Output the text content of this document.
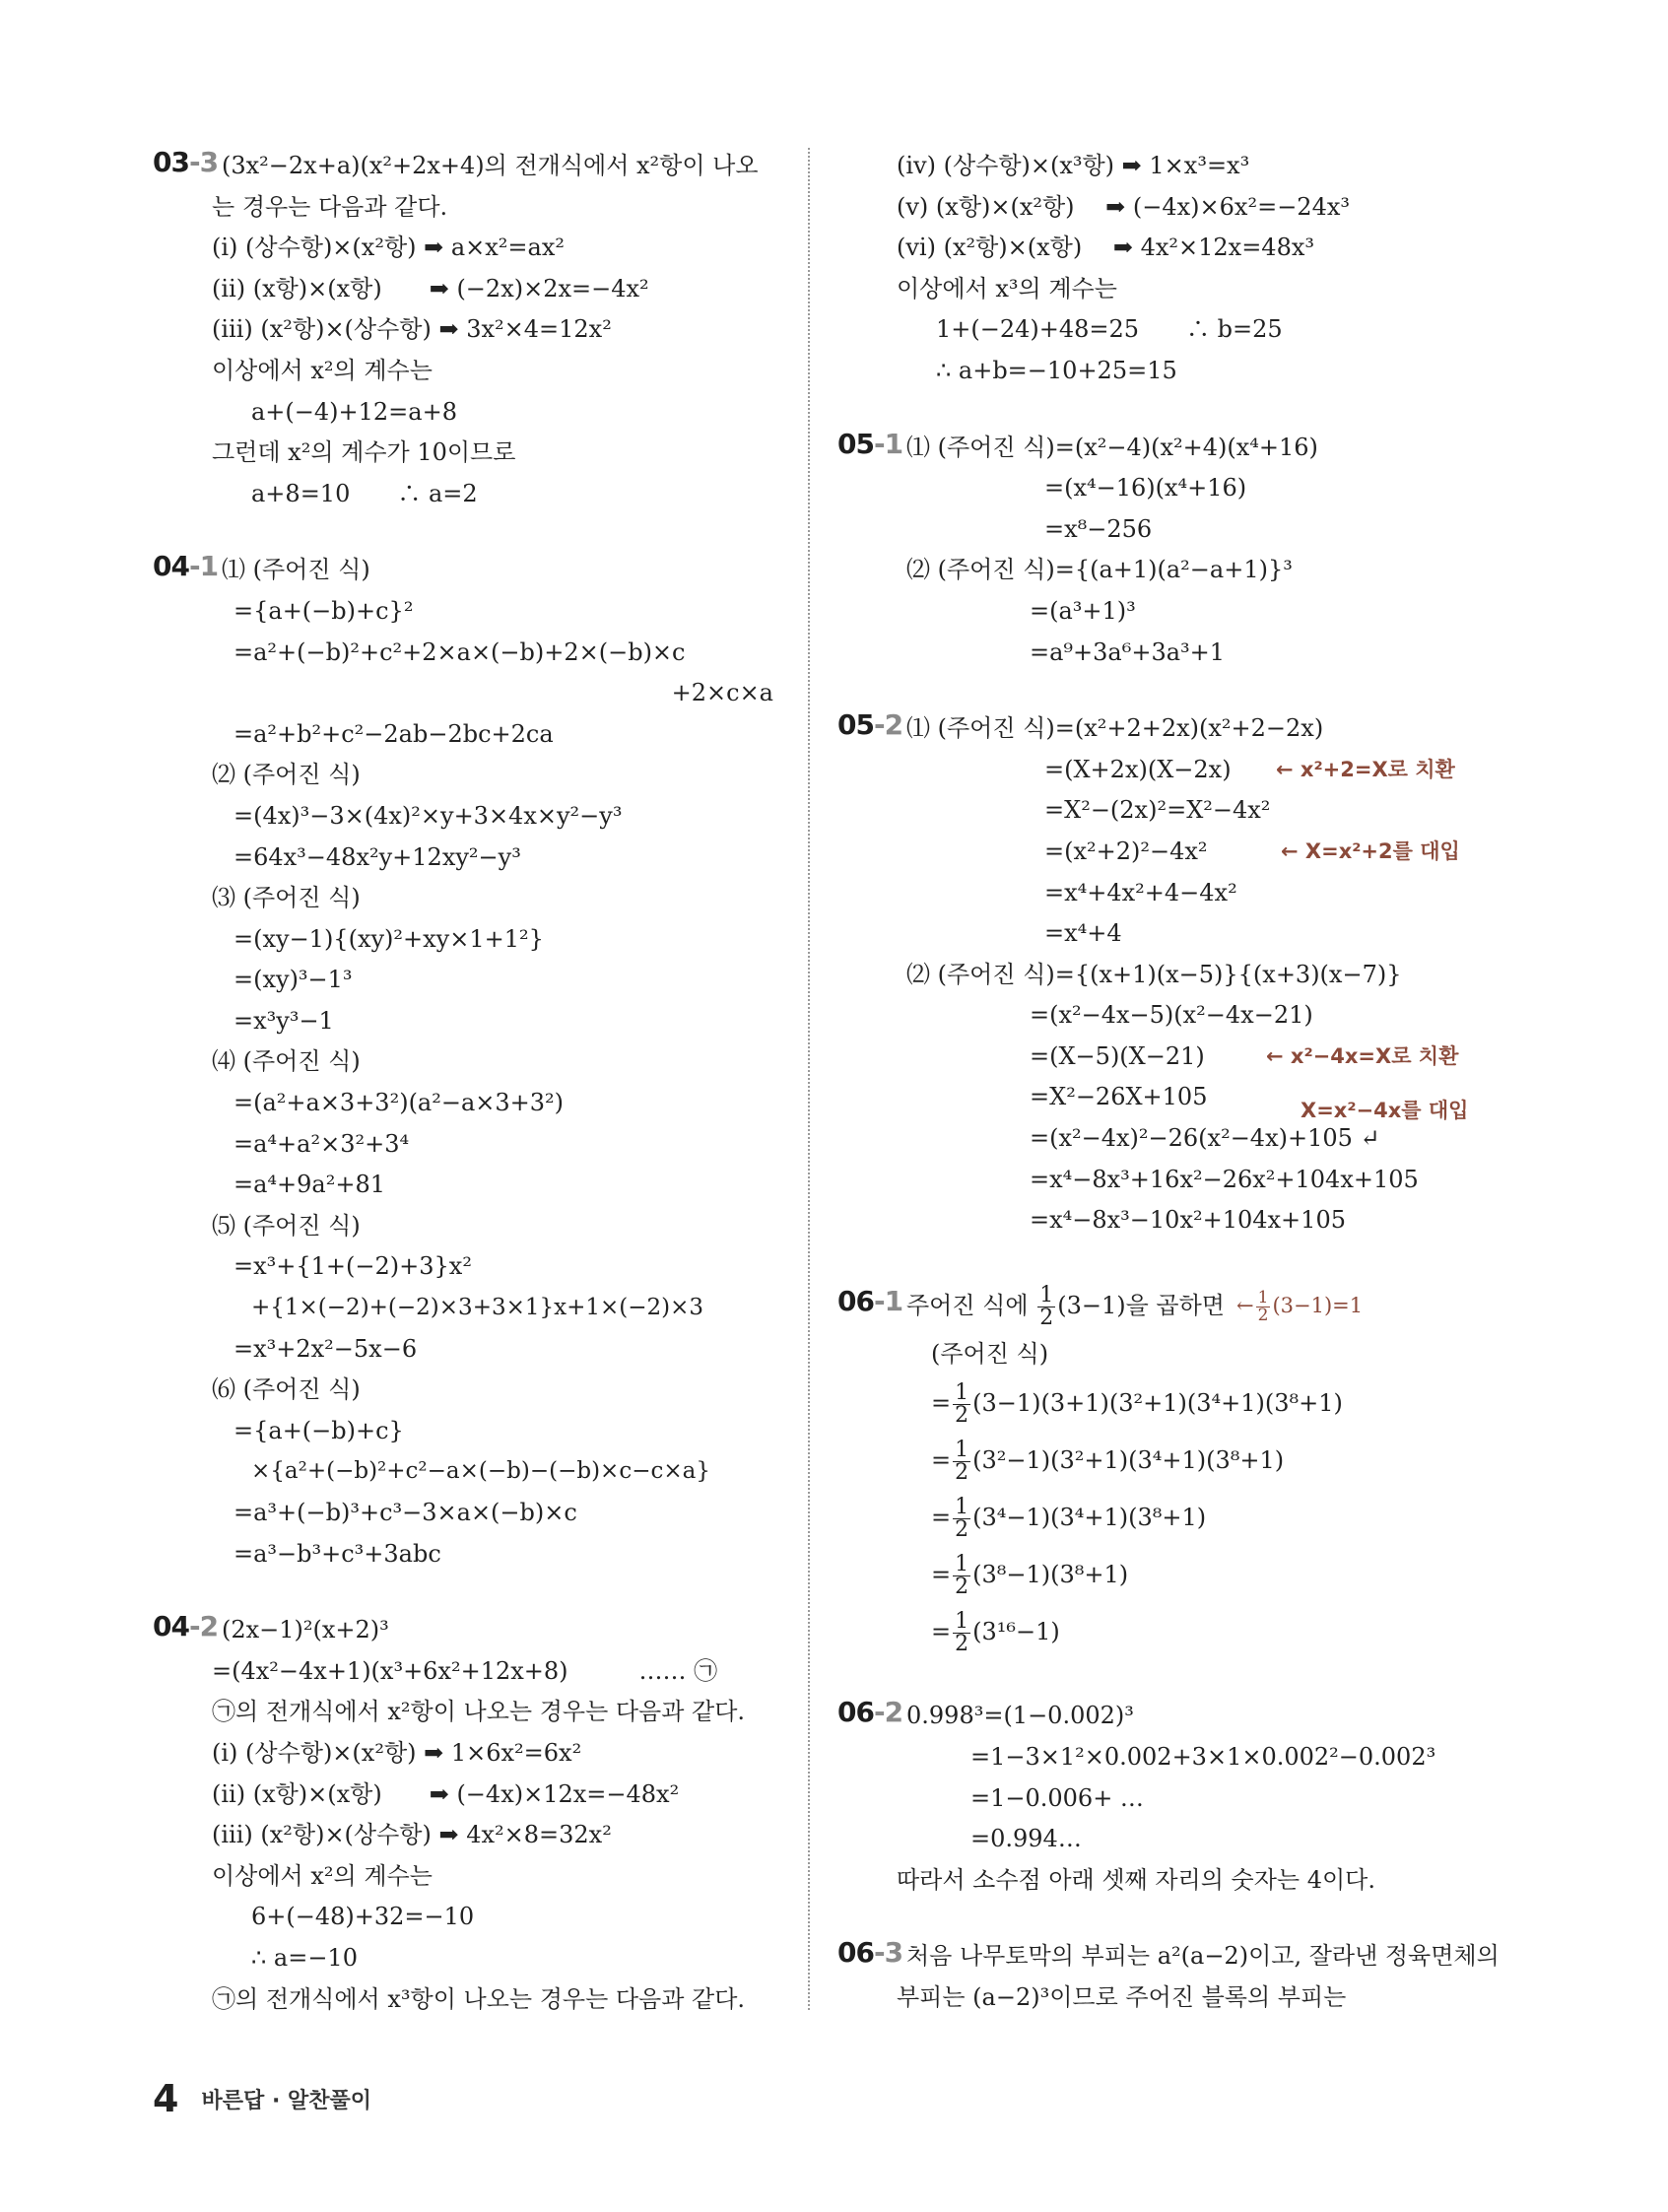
03-3 (3x²−2x+a)(x²+2x+4)의 전개식에서 x²항이 나오
는 경우는 다음과 같다.
(ⅰ) (상수항)×(x²항) ➡ a×x²=ax²
(ⅱ) (x항)×(x항)　　➡ (−2x)×2x=−4x²
(ⅲ) (x²항)×(상수항) ➡ 3x²×4=12x²
이상에서 x²의 계수는
a+(−4)+12=a+8
그런데 x²의 계수가 10이므로
a+8=10　　∴ a=2
04-1 ⑴ (주어진 식)
={a+(−b)+c}²
=a²+(−b)²+c²+2×a×(−b)+2×(−b)×c
+2×c×a
=a²+b²+c²−2ab−2bc+2ca
⑵ (주어진 식)
=(4x)³−3×(4x)²×y+3×4x×y²−y³
=64x³−48x²y+12xy²−y³
⑶ (주어진 식)
=(xy−1){(xy)²+xy×1+1²}
=(xy)³−1³
=x³y³−1
⑷ (주어진 식)
=(a²+a×3+3²)(a²−a×3+3²)
=a⁴+a²×3²+3⁴
=a⁴+9a²+81
⑸ (주어진 식)
=x³+{1+(−2)+3}x²
+{1×(−2)+(−2)×3+3×1}x+1×(−2)×3
=x³+2x²−5x−6
⑹ (주어진 식)
={a+(−b)+c}
×{a²+(−b)²+c²−a×(−b)−(−b)×c−c×a}
=a³+(−b)³+c³−3×a×(−b)×c
=a³−b³+c³+3abc
04-2 (2x−1)²(x+2)³
=(4x²−4x+1)(x³+6x²+12x+8)　　　…… ㉠
㉠의 전개식에서 x²항이 나오는 경우는 다음과 같다.
(ⅰ) (상수항)×(x²항) ➡ 1×6x²=6x²
(ⅱ) (x항)×(x항)　　➡ (−4x)×12x=−48x²
(ⅲ) (x²항)×(상수항) ➡ 4x²×8=32x²
이상에서 x²의 계수는
6+(−48)+32=−10
∴ a=−10
㉠의 전개식에서 x³항이 나오는 경우는 다음과 같다.
(ⅳ) (상수항)×(x³항) ➡ 1×x³=x³
(ⅴ) (x항)×(x²항)　 ➡ (−4x)×6x²=−24x³
(ⅵ) (x²항)×(x항)　 ➡ 4x²×12x=48x³
이상에서 x³의 계수는
1+(−24)+48=25　　∴ b=25
∴ a+b=−10+25=15
05-1 ⑴ (주어진 식)=(x²−4)(x²+4)(x⁴+16)
=(x⁴−16)(x⁴+16)
=x⁸−256
⑵ (주어진 식)={(a+1)(a²−a+1)}³
=(a³+1)³
=a⁹+3a⁶+3a³+1
05-2 ⑴ (주어진 식)=(x²+2+2x)(x²+2−2x)
=(X+2x)(X−2x) ← x²+2=X로 치환
=X²−(2x)²=X²−4x²
=(x²+2)²−4x²	← X=x²+2를 대입
=x⁴+4x²+4−4x²
=x⁴+4
⑵ (주어진 식)={(x+1)(x−5)}{(x+3)(x−7)}
=(x²−4x−5)(x²−4x−21)
=(X−5)(X−21)	← x²−4x=X로 치환
=X²−26X+105	X=x²−4x를 대입
=(x²−4x)²−26(x²−4x)+105 ↵
=x⁴−8x³+16x²−26x²+104x+105
=x⁴−8x³−10x²+104x+105
06-1 주어진 식에 $\frac{1}{2} (3-1)$을 곱하면 ← $\frac{1}{2} (3-1)=1$
(주어진 식)
= $\frac{1}{2} (3-1)(3+1)(3^2+1)(3^4+1)(3^8+1)$
= $\frac{1}{2} (3^2-1)(3^2+1)(3^4+1)(3^8+1)$
= $\frac{1}{2} (3^4-1)(3^4+1)(3^8+1)$
= $\frac{1}{2} (3^8-1)(3^8+1)$
= $\frac{1}{2} (3^{16}-1)$
06-2 0.998³=(1−0.002)³
=1−3×1²×0.002+3×1×0.002²−0.002³
=1−0.006+ …
=0.994…
따라서 소수점 아래 셋째 자리의 숫자는 4이다.
06-3 처음 나무토막의 부피는 a²(a−2)이고, 잘라낸 정육면체의
부피는 (a−2)³이므로 주어진 블록의 부피는
4 바른답 · 알찬풀이
